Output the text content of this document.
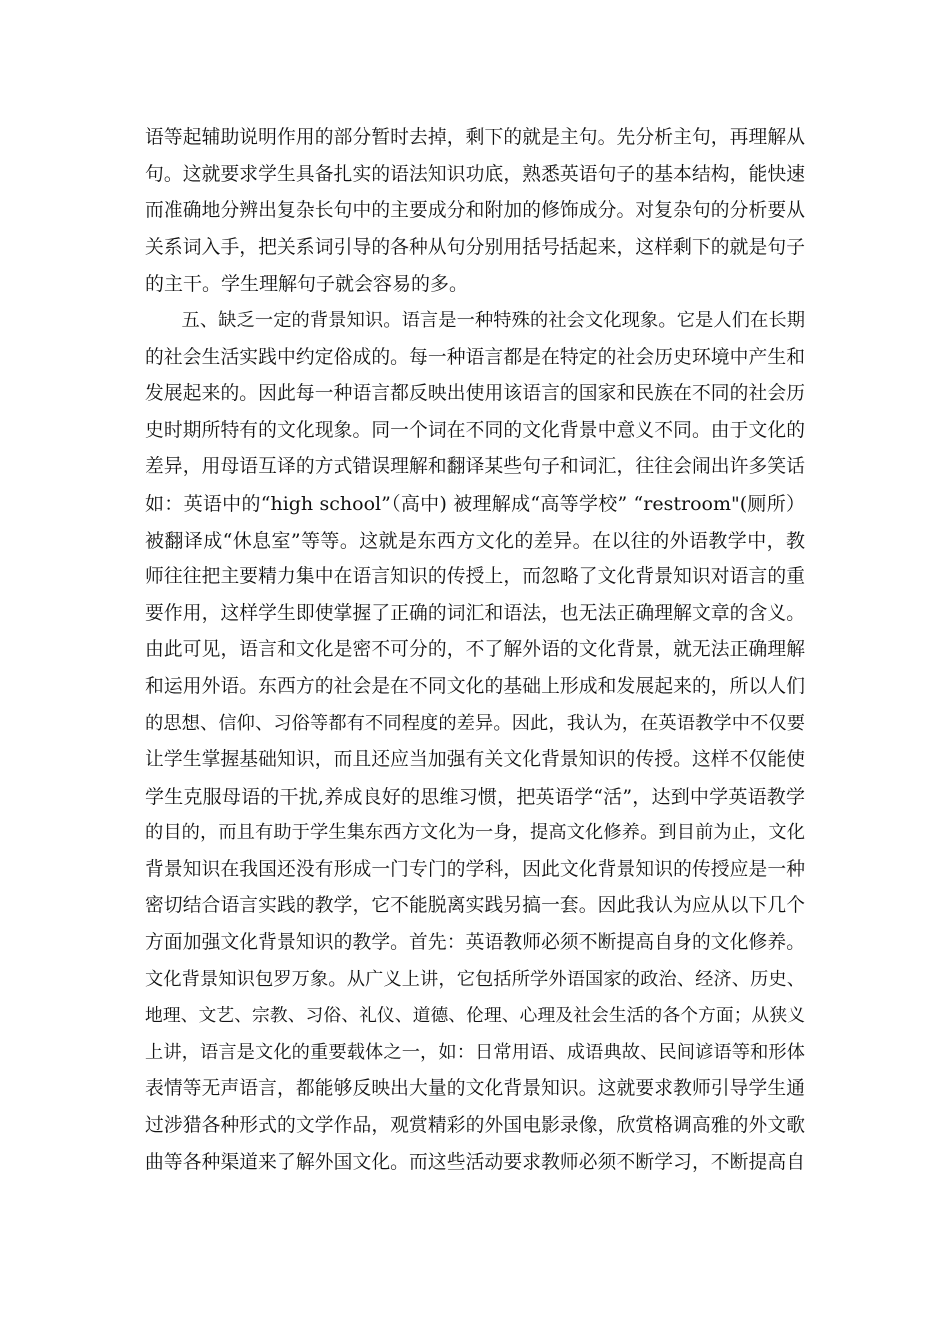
语等起辅助说明作用的部分暂时去掉，剩下的就是主句。先分析主句，再理解从
句。这就要求学生具备扎实的语法知识功底，熟悉英语句子的基本结构，能快速
而准确地分辨出复杂长句中的主要成分和附加的修饰成分。对复杂句的分析要从
关系词入手，把关系词引导的各种从句分别用括号括起来，这样剩下的就是句子
的主干。学生理解句子就会容易的多。
五、缺乏一定的背景知识。语言是一种特殊的社会文化现象。它是人们在长期
的社会生活实践中约定俗成的。每一种语言都是在特定的社会历史环境中产生和
发展起来的。因此每一种语言都反映出使用该语言的国家和民族在不同的社会历
史时期所特有的文化现象。同一个词在不同的文化背景中意义不同。由于文化的
差异，用母语互译的方式错误理解和翻译某些句子和词汇，往往会闹出许多笑话
如：英语中的“high school”（高中) 被理解成“高等学校” “restroom"(厕所）
被翻译成“休息室”等等。这就是东西方文化的差异。在以往的外语教学中，教
师往往把主要精力集中在语言知识的传授上，而忽略了文化背景知识对语言的重
要作用，这样学生即使掌握了正确的词汇和语法，也无法正确理解文章的含义。
由此可见，语言和文化是密不可分的，不了解外语的文化背景，就无法正确理解
和运用外语。东西方的社会是在不同文化的基础上形成和发展起来的，所以人们
的思想、信仰、习俗等都有不同程度的差异。因此，我认为，在英语教学中不仅要
让学生掌握基础知识，而且还应当加强有关文化背景知识的传授。这样不仅能使
学生克服母语的干扰,养成良好的思维习惯，把英语学“活”，达到中学英语教学
的目的，而且有助于学生集东西方文化为一身，提高文化修养。到目前为止，文化
背景知识在我国还没有形成一门专门的学科，因此文化背景知识的传授应是一种
密切结合语言实践的教学，它不能脱离实践另搞一套。因此我认为应从以下几个
方面加强文化背景知识的教学。首先：英语教师必须不断提高自身的文化修养。
文化背景知识包罗万象。从广义上讲，它包括所学外语国家的政治、经济、历史、
地理、文艺、宗教、习俗、礼仪、道德、伦理、心理及社会生活的各个方面；从狭义
上讲，语言是文化的重要载体之一，如：日常用语、成语典故、民间谚语等和形体
表情等无声语言，都能够反映出大量的文化背景知识。这就要求教师引导学生通
过涉猎各种形式的文学作品，观赏精彩的外国电影录像，欣赏格调高雅的外文歌
曲等各种渠道来了解外国文化。而这些活动要求教师必须不断学习，不断提高自
